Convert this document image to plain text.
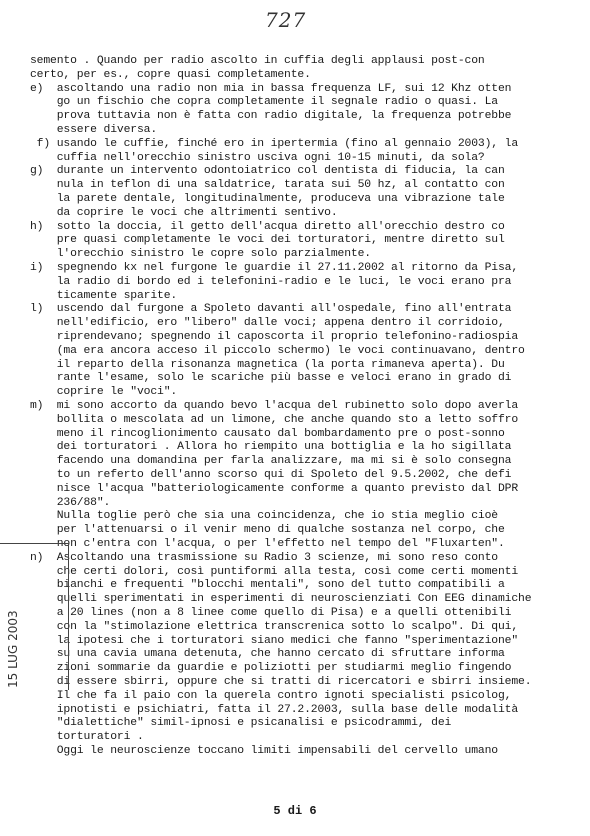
727
semento . Quando per radio ascolto in cuffia degli applausi post-con
certo, per es., copre quasi completamente.
e)  ascoltando una radio non mia in bassa frequenza LF, sui 12 Khz otten
go un fischio che copra completamente il segnale radio o quasi. La
prova tuttavia non è fatta con radio digitale, la frequenza potrebbe
essere diversa.
f) usando le cuffie, finché ero in ipertermia (fino al gennaio 2003), la
cuffia nell'orecchio sinistro usciva ogni 10-15 minuti, da sola?
g)  durante un intervento odontoiatrico col dentista di fiducia, la can
nula in teflon di una saldatrice, tarata sui 50 hz, al contatto con
la parete dentale, longitudinalmente, produceva una vibrazione tale
da coprire le voci che altrimenti sentivo.
h)  sotto la doccia, il getto dell'acqua diretto all'orecchio destro co
pre quasi completamente le voci dei torturatori, mentre diretto sul
l'orecchio sinistro le copre solo parzialmente.
i)  spegnendo kx nel furgone le guardie il 27.11.2002 al ritorno da Pisa,
la radio di bordo ed i telefonini-radio e le luci, le voci erano pra
ticamente sparite.
l)  uscendo dal furgone a Spoleto davanti all'ospedale, fino all'entrata
nell'edificio, ero "libero" dalle voci; appena dentro il corridoio,
riprendevano; spegnendo il caposcorta il proprio telefonino-radiospia
(ma era ancora acceso il piccolo schermo) le voci continuavano, dentro
il reparto della risonanza magnetica (la porta rimaneva aperta). Du
rante l'esame, solo le scariche più basse e veloci erano in grado di
coprire le "voci".
m)  mi sono accorto da quando bevo l'acqua del rubinetto solo dopo averla
bollita o mescolata ad un limone, che anche quando sto a letto soffro
meno il rincoglionimento causato dal bombardamento pre o post-sonno
dei torturatori . Allora ho riempito una bottiglia e la ho sigillata
facendo una domandina per farla analizzare, ma mi si è solo consegna
to un referto dell'anno scorso qui di Spoleto del 9.5.2002, che defi
nisce l'acqua "batteriologicamente conforme a quanto previsto dal DPR
236/88".
Nulla toglie però che sia una coincidenza, che io stia meglio cioè
per l'attenuarsi o il venir meno di qualche sostanza nel corpo, che
non c'entra con l'acqua, o per l'effetto nel tempo del "Fluxarten".
n)  Ascoltando una trasmissione su Radio 3 scienze, mi sono reso conto
che certi dolori, così puntiformi alla testa, così come certi momenti
bianchi e frequenti "blocchi mentali", sono del tutto compatibili a
quelli sperimentati in esperimenti di neuroscienziati Con EEG dinamiche
a 20 lines (non a 8 linee come quello di Pisa) e a quelli ottenibili
con la "stimolazione elettrica transcrenica sotto lo scalpo". Di qui,
la ipotesi che i torturatori siano medici che fanno "sperimentazione"
su una cavia umana detenuta, che hanno cercato di sfruttare informa
zioni sommarie da guardie e poliziotti per studiarmi meglio fingendo
di essere sbirri, oppure che si tratti di ricercatori e sbirri insieme.
Il che fa il paio con la querela contro ignoti specialisti psicolog,
ipnotisti e psichiatri, fatta il 27.2.2003, sulla base delle modalità
"dialettiche" simil-ipnosi e psicanalisi e psicodrammi, dei
torturatori .
Oggi le neuroscienze toccano limiti impensabili del cervello umano
15 LUG 2003
5 di 6
